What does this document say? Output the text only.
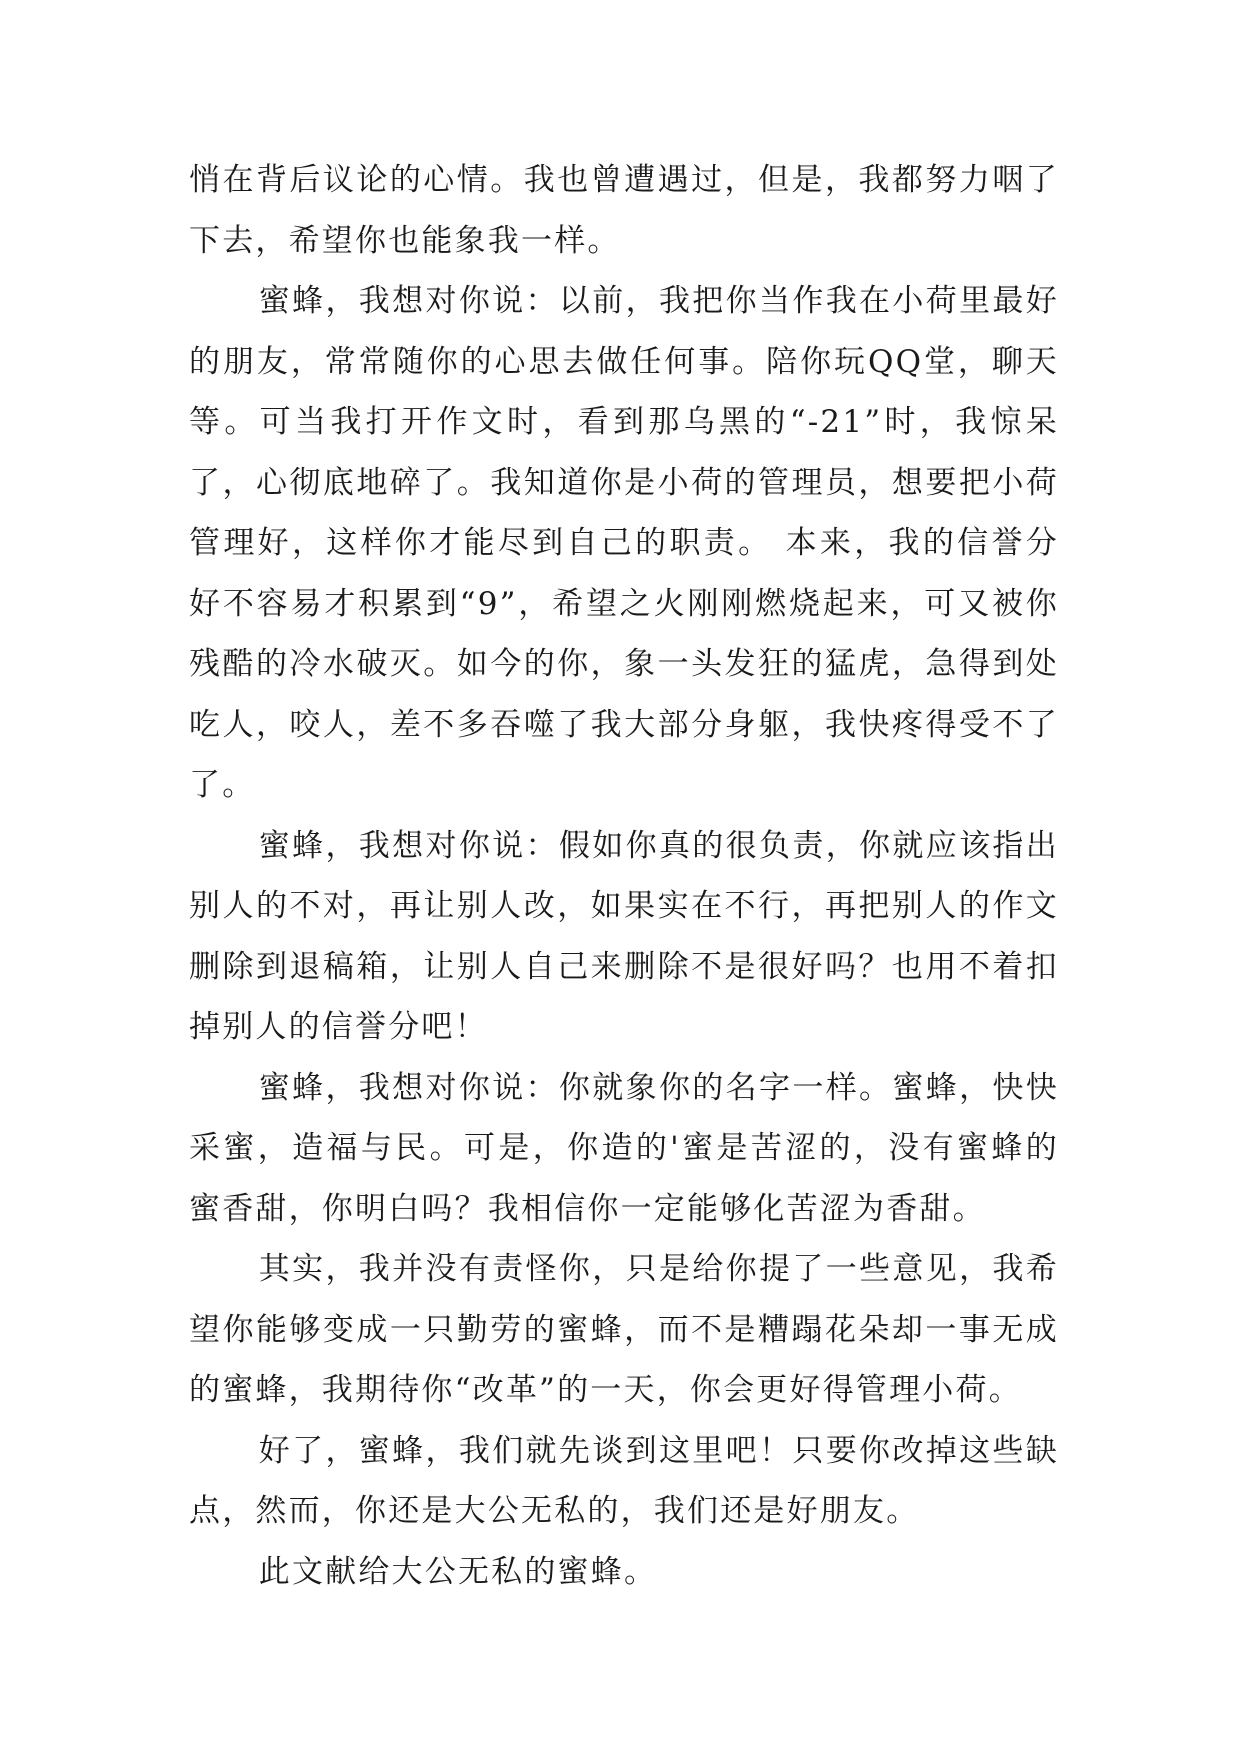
悄在背后议论的心情。我也曾遭遇过，但是，我都努力咽了下去，希望你也能象我一样。

蜜蜂，我想对你说：以前，我把你当作我在小荷里最好的朋友，常常随你的心思去做任何事。陪你玩QQ堂，聊天等。可当我打开作文时，看到那乌黑的“-21”时，我惊呆了，心彻底地碎了。我知道你是小荷的管理员，想要把小荷管理好，这样你才能尽到自己的职责。 本来，我的信誉分好不容易才积累到“9”，希望之火刚刚燃烧起来，可又被你残酷的冷水破灭。如今的你，象一头发狂的猛虎，急得到处吃人，咬人，差不多吞噬了我大部分身躯，我快疼得受不了了。

蜜蜂，我想对你说：假如你真的很负责，你就应该指出别人的不对，再让别人改，如果实在不行，再把别人的作文删除到退稿箱，让别人自己来删除不是很好吗？也用不着扣掉别人的信誉分吧！

蜜蜂，我想对你说：你就象你的名字一样。蜜蜂，快快采蜜，造福与民。可是，你造的'蜜是苦涩的，没有蜜蜂的蜜香甜，你明白吗？我相信你一定能够化苦涩为香甜。

其实，我并没有责怪你，只是给你提了一些意见，我希望你能够变成一只勤劳的蜜蜂，而不是糟蹋花朵却一事无成的蜜蜂，我期待你“改革”的一天，你会更好得管理小荷。

好了，蜜蜂，我们就先谈到这里吧！只要你改掉这些缺点，然而，你还是大公无私的，我们还是好朋友。

此文献给大公无私的蜜蜂。
